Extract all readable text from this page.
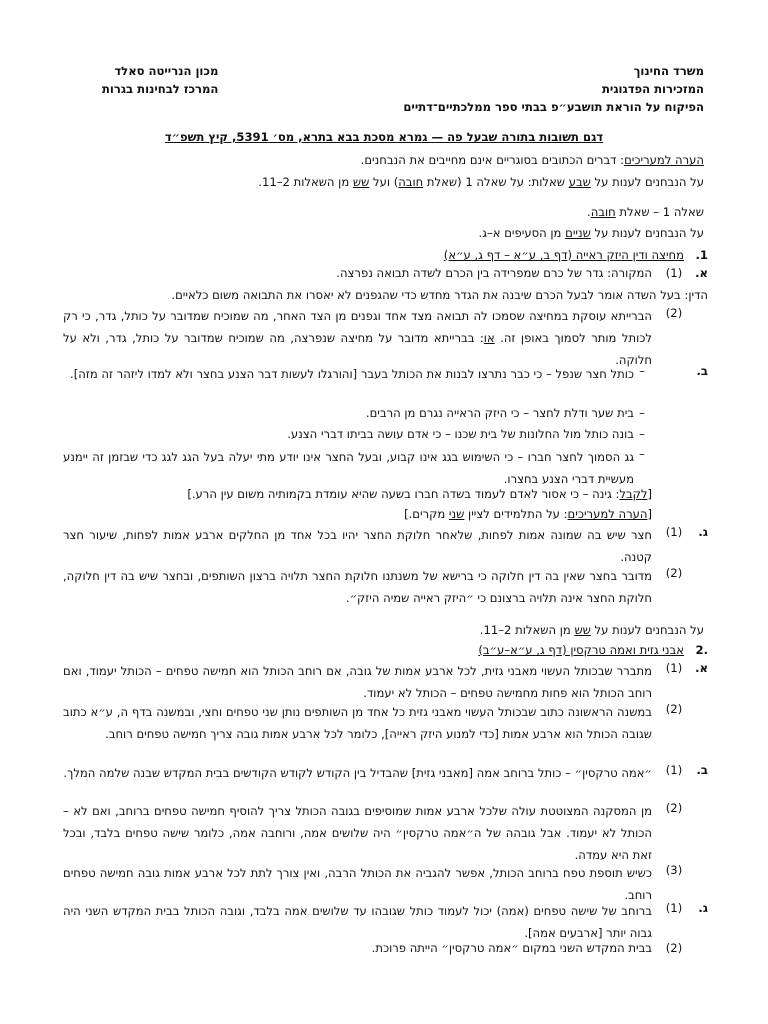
משרד החינוך
המזכירות הפדגוגית
הפיקוח על הוראת תושבע״פ בבתי ספר ממלכתיים־דתיים
מכון הנרייטה סאלד
המרכז לבחינות בגרות
דגם תשובות בתורה שבעל פה — גמרא מסכת בבא בתרא, מס׳ 5391, קיץ תשפ״ד
הערה למעריכים: דברים הכתובים בסוגריים אינם מחייבים את הנבחנים.
על הנבחנים לענות על שבע שאלות: על שאלה 1 (שאלת חובה) ועל שש מן השאלות 2–11.
שאלה 1 – שאלת חובה.
על הנבחנים לענות על שניים מן הסעיפים א–ג.
1.
מחיצה ודין היזק ראייה (דף ב, ע״א – דף ג, ע״א)
א.
(1)
המקורה: גדר של כרם שמפרידה בין הכרם לשדה תבואה נפרצה.
הדין: בעל השדה אומר לבעל הכרם שיבנה את הגדר מחדש כדי שהגפנים לא יאסרו את התבואה משום כלאיים.
(2)
הברייתא עוסקת במחיצה שסמכו לה תבואה מצד אחד וגפנים מן הצד האחר, מה שמוכיח שמדובר על כותל, גדר, כי רק לכותל מותר לסמוך באופן זה. או: בברייתא מדובר על מחיצה שנפרצה, מה שמוכיח שמדובר על כותל, גדר, ולא על חלוקה.
ב.
–
כותל חצר שנפל – כי כבר נתרצו לבנות את הכותל בעבר [והורגלו לעשות דבר הצנע בחצר ולא למדו ליזהר זה מזה].
–
בית שער ודלת לחצר – כי היזק הראייה נגרם מן הרבים.
–
בונה כותל מול החלונות של בית שכנו – כי אדם עושה בביתו דברי הצנע.
–
גג הסמוך לחצר חברו – כי השימוש בגג אינו קבוע, ובעל החצר אינו יודע מתי יעלה בעל הגג לגג כדי שבזמן זה יימנע מעשיית דברי הצנע בחצרו.
[לקבל: גינה – כי אסור לאדם לעמוד בשדה חברו בשעה שהיא עומדת בקמותיה משום עין הרע.]
[הערה למעריכים: על התלמידים לציין שני מקרים.]
ג.
(1)
חצר שיש בה שמונה אמות לפחות, שלאחר חלוקת החצר יהיו בכל אחד מן החלקים ארבע אמות לפחות, שיעור חצר קטנה.
(2)
מדובר בחצר שאין בה דין חלוקה כי ברישא של משנתנו חלוקת החצר תלויה ברצון השותפים, ובחצר שיש בה דין חלוקה, חלוקת החצר אינה תלויה ברצונם כי ״היזק ראייה שמיה היזק״.
על הנבחנים לענות על שש מן השאלות 2–11.
.2
אבני גזית ואמה טרקסין (דף ג, ע״א–ע״ב)
א.
(1)
מתברר שבכותל העשוי מאבני גזית, לכל ארבע אמות של גובה, אם רוחב הכותל הוא חמישה טפחים – הכותל יעמוד, ואם רוחב הכותל הוא פחות מחמישה טפחים – הכותל לא יעמוד.
(2)
במשנה הראשונה כתוב שבכותל העשוי מאבני גזית כל אחד מן השותפים נותן שני טפחים וחצי, ובמשנה בדף ה, ע״א כתוב שגובה הכותל הוא ארבע אמות [כדי למנוע היזק ראייה], כלומר לכל ארבע אמות גובה צריך חמישה טפחים רוחב.
ב.
(1)
״אמה טרקסין״ – כותל ברוחב אמה [מאבני גזית] שהבדיל בין הקודש לקודש הקודשים בבית המקדש שבנה שלמה המלך.
(2)
מן המסקנה המצוטטת עולה שלכל ארבע אמות שמוסיפים בגובה הכותל צריך להוסיף חמישה טפחים ברוחב, ואם לא – הכותל לא יעמוד. אבל גובהה של ה״אמה טרקסין״ היה שלושים אמה, ורוחבה אמה, כלומר שישה טפחים בלבד, ובכל זאת היא עמדה.
(3)
כשיש תוספת טפח ברוחב הכותל, אפשר להגביה את הכותל הרבה, ואין צורך לתת לכל ארבע אמות גובה חמישה טפחים רוחב.
ג.
(1)
ברוחב של שישה טפחים (אמה) יכול לעמוד כותל שגובהו עד שלושים אמה בלבד, וגובה הכותל בבית המקדש השני היה גבוה יותר [ארבעים אמה].
(2)
בבית המקדש השני במקום ״אמה טרקסין״ הייתה פרוכת.
